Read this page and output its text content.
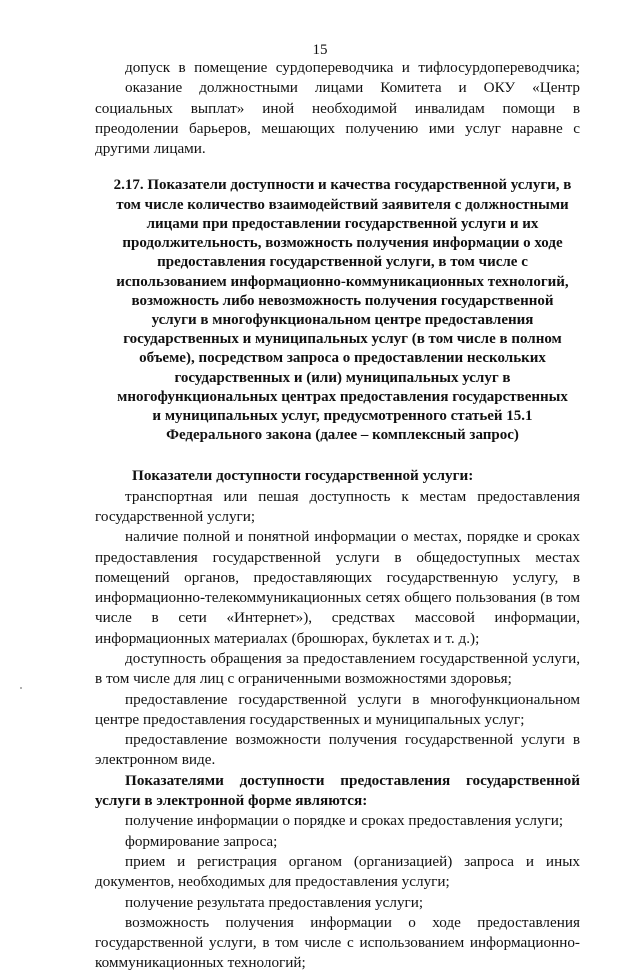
15

допуск в помещение сурдопереводчика и тифлосурдопереводчика;

оказание должностными лицами Комитета и ОКУ «Центр социальных выплат» иной необходимой инвалидам помощи в преодолении барьеров, мешающих получению ими услуг наравне с другими лицами.

2.17. Показатели доступности и качества государственной услуги, в том числе количество взаимодействий заявителя с должностными лицами при предоставлении государственной услуги и их продолжительность, возможность получения информации о ходе предоставления государственной услуги, в том числе с использованием информационно-коммуникационных технологий, возможность либо невозможность получения государственной услуги в многофункциональном центре предоставления государственных и муниципальных услуг (в том числе в полном объеме), посредством запроса о предоставлении нескольких государственных и (или) муниципальных услуг в многофункциональных центрах предоставления государственных и муниципальных услуг, предусмотренного статьей 15.1 Федерального закона (далее – комплексный запрос)

Показатели доступности государственной услуги:

транспортная или пешая доступность к местам предоставления государственной услуги;

наличие полной и понятной информации о местах, порядке и сроках предоставления государственной услуги в общедоступных местах помещений органов, предоставляющих государственную услугу, в информационно-телекоммуникационных сетях общего пользования (в том числе в сети «Интернет»), средствах массовой информации, информационных материалах (брошюрах, буклетах и т. д.);

доступность обращения за предоставлением государственной услуги, в том числе для лиц с ограниченными возможностями здоровья;

предоставление государственной услуги в многофункциональном центре предоставления государственных и муниципальных услуг;

предоставление возможности получения государственной услуги в электронном виде.

Показателями доступности предоставления государственной услуги в электронной форме являются:

получение информации о порядке и сроках предоставления услуги;

формирование запроса;

прием и регистрация органом (организацией) запроса и иных документов, необходимых для предоставления услуги;

получение результата предоставления услуги;

возможность получения информации о ходе предоставления государственной услуги, в том числе с использованием информационно-коммуникационных технологий;
